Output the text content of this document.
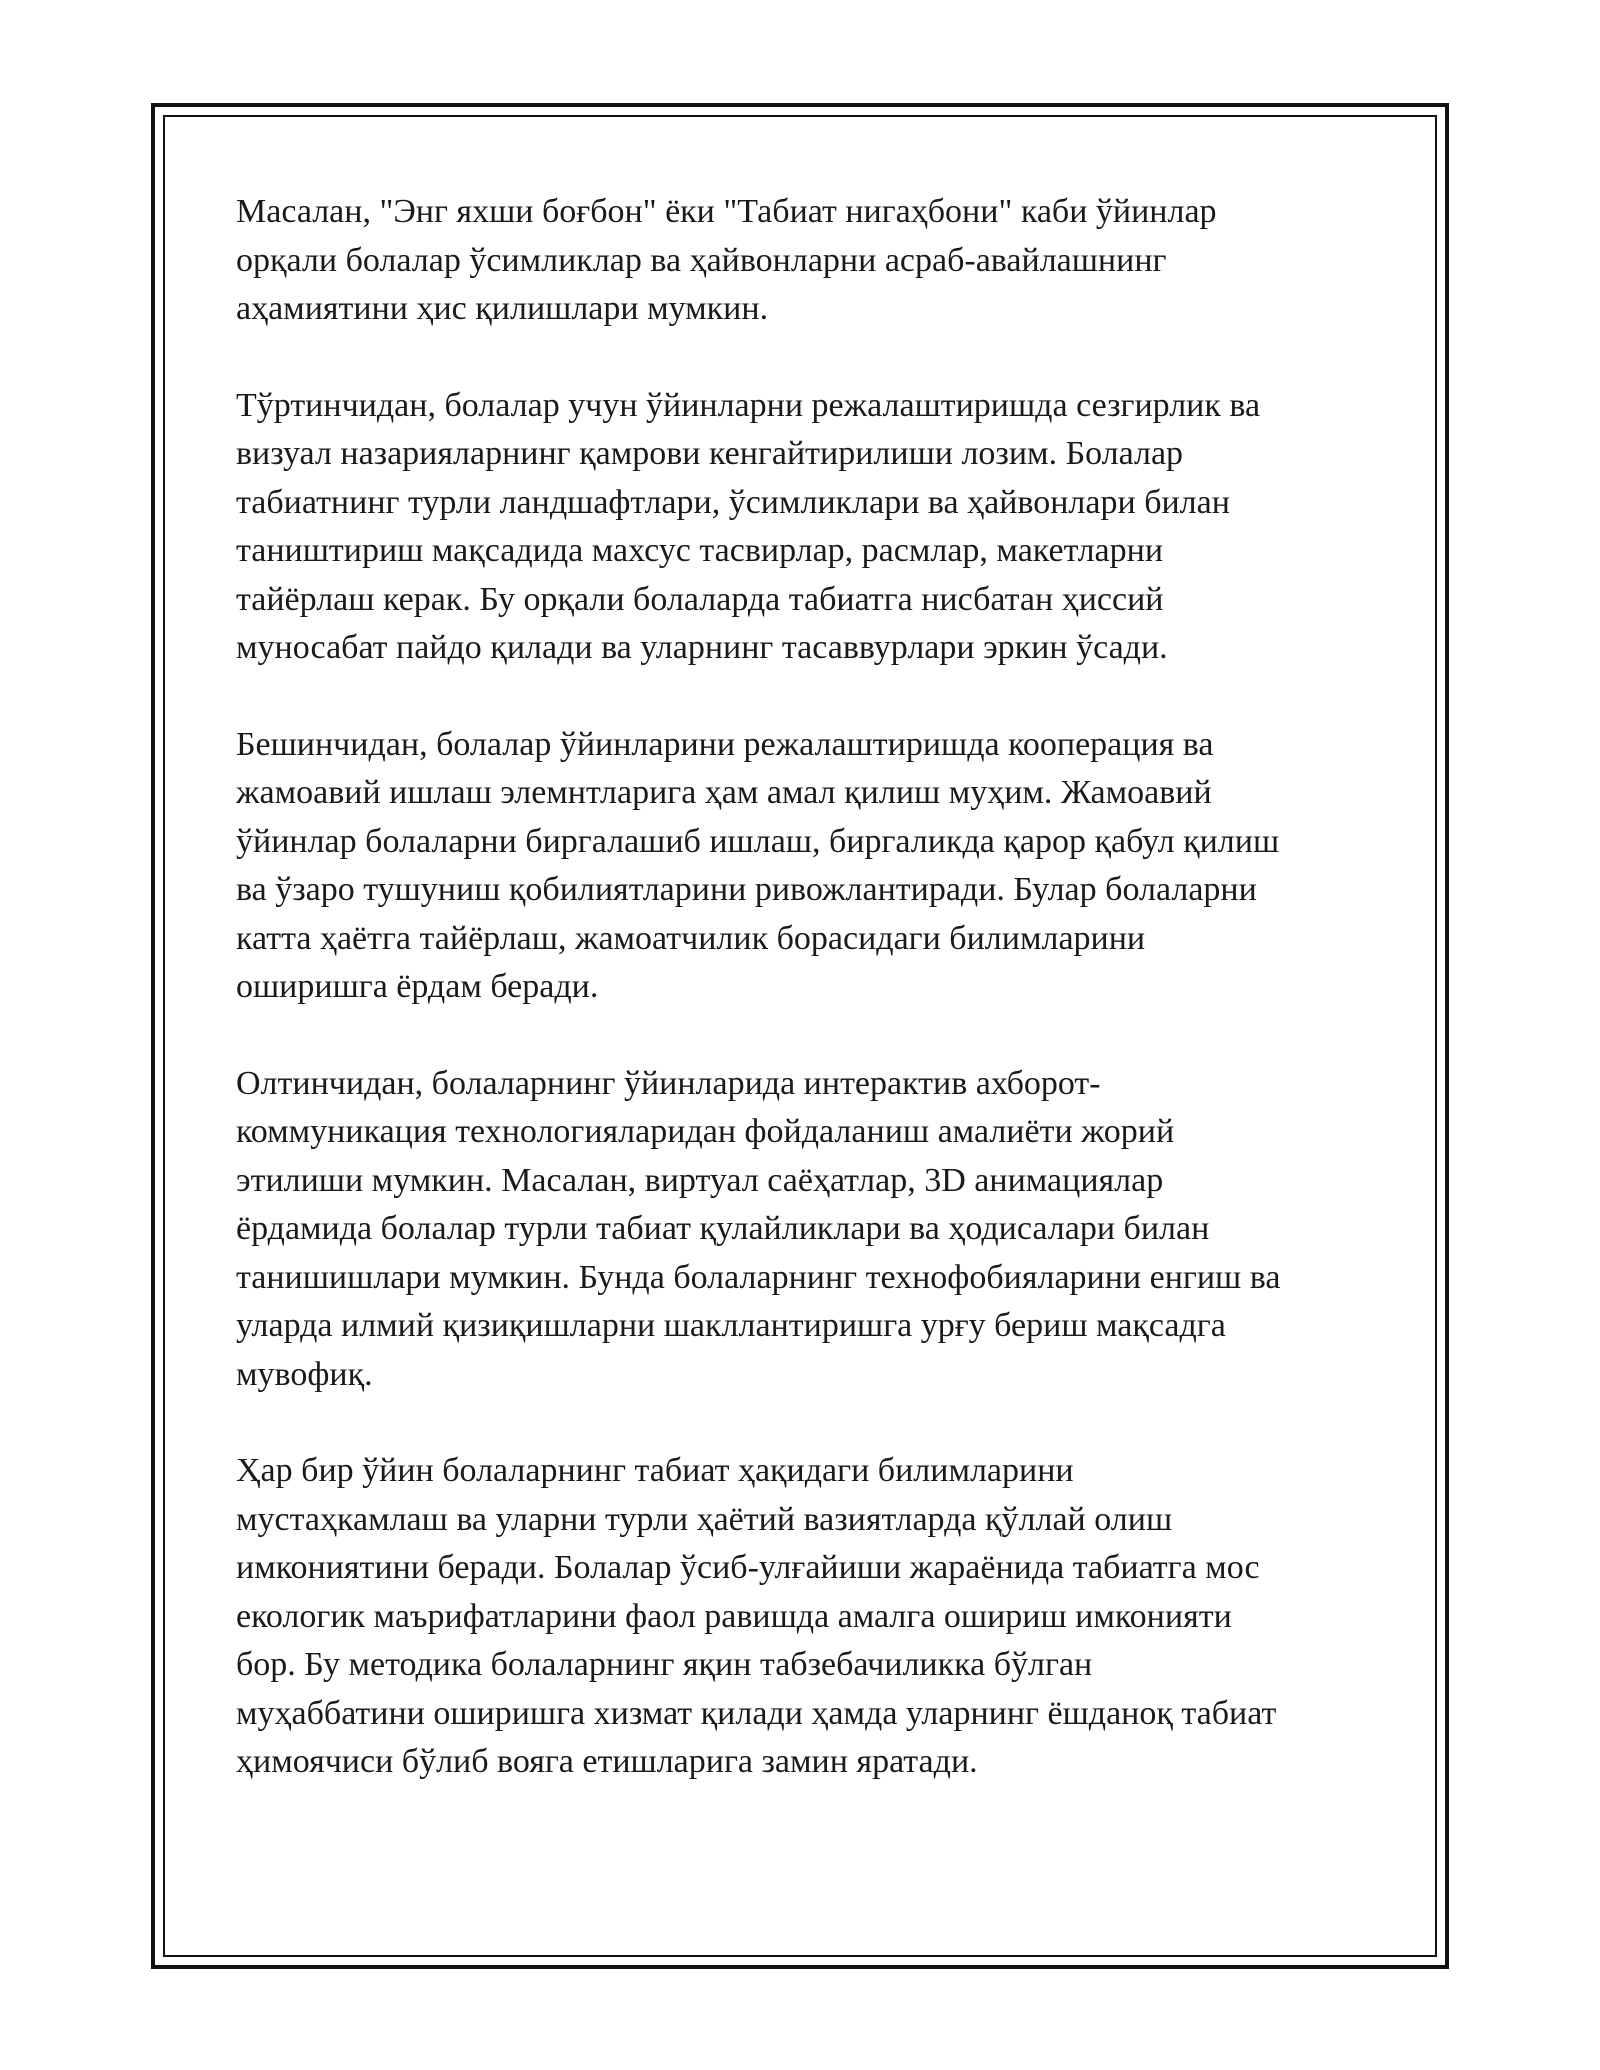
Масалан, "Энг яхши боғбон" ёки "Табиат нигаҳбони" каби ўйинлар
орқали болалар ўсимликлар ва ҳайвонларни асраб-авайлашнинг
аҳамиятини ҳис қилишлари мумкин.

Тўртинчидан, болалар учун ўйинларни режалаштиришда сезгирлик ва
визуал назарияларнинг қамрови кенгайтирилиши лозим. Болалар
табиатнинг турли ландшафтлари, ўсимликлари ва ҳайвонлари билан
таништириш мақсадида махсус тасвирлар, расмлар, макетларни
тайёрлаш керак. Бу орқали болаларда табиатга нисбатан ҳиссий
муносабат пайдо қилади ва уларнинг тасаввурлари эркин ўсади.

Бешинчидан, болалар ўйинларини режалаштиришда кооперация ва
жамоавий ишлаш элемнтларига ҳам амал қилиш муҳим. Жамоавий
ўйинлар болаларни биргалашиб ишлаш, биргаликда қарор қабул қилиш
ва ўзаро тушуниш қобилиятларини ривожлантиради. Булар болаларни
катта ҳаётга тайёрлаш, жамоатчилик борасидаги билимларини
оширишга ёрдам беради.

Олтинчидан, болаларнинг ўйинларида интерактив ахборот-
коммуникация технологияларидан фойдаланиш амалиёти жорий
этилиши мумкин. Масалан, виртуал саёҳатлар, 3D анимациялар
ёрдамида болалар турли табиат қулайликлари ва ҳодисалари билан
танишишлари мумкин. Бунда болаларнинг технофобияларини енгиш ва
уларда илмий қизиқишларни шакллантиришга урғу бериш мақсадга
мувофиқ.

Ҳар бир ўйин болаларнинг табиат ҳақидаги билимларини
мустаҳкамлаш ва уларни турли ҳаётий вазиятларда қўллай олиш
имкониятини беради. Болалар ўсиб-улғайиши жараёнида табиатга мос
екологик маърифатларини фаол равишда амалга ошириш имконияти
бор. Бу методика болаларнинг яқин табзебачиликка бўлган
муҳаббатини оширишга хизмат қилади ҳамда уларнинг ёшданоқ табиат
ҳимоячиси бўлиб вояга етишларига замин яратади.
